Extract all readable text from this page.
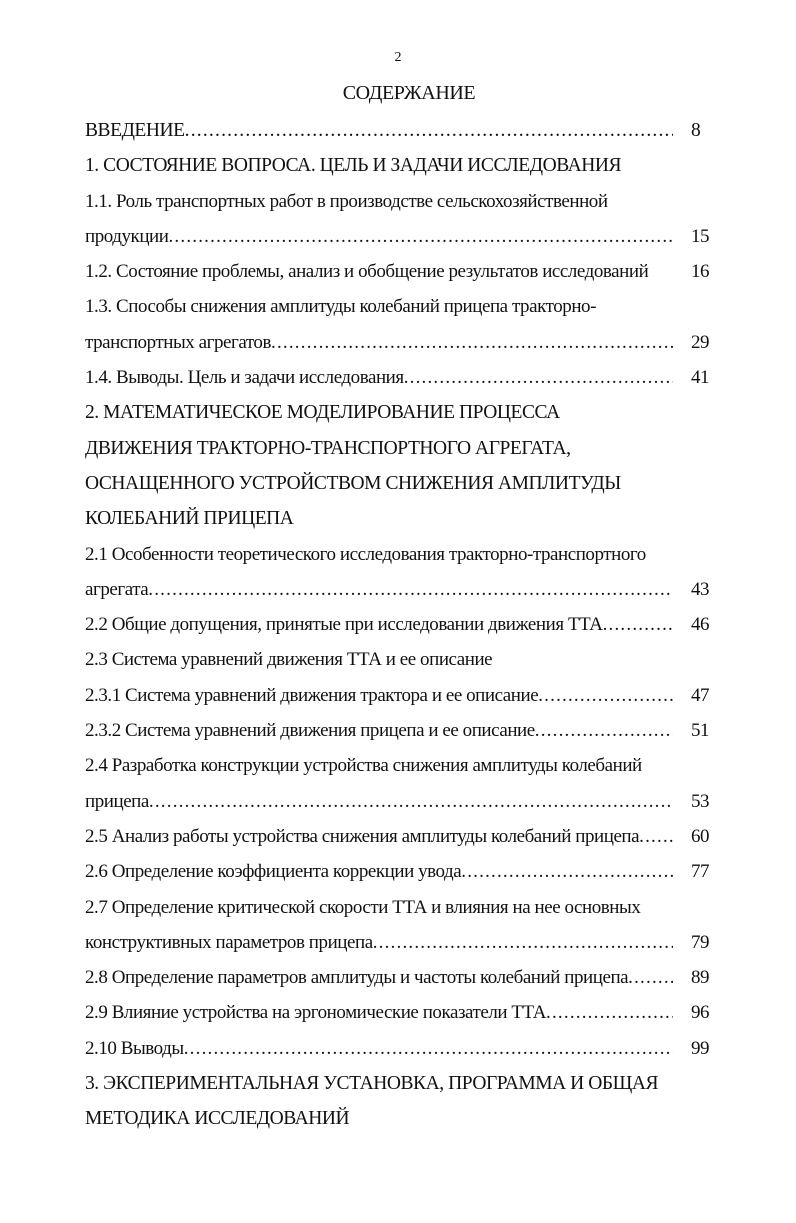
2
СОДЕРЖАНИЕ
ВВЕДЕНИЕ .....	8
1. СОСТОЯНИЕ ВОПРОСА. ЦЕЛЬ И ЗАДАЧИ ИССЛЕДОВАНИЯ
1.1. Роль транспортных работ в производстве сельскохозяйственной
продукции .....	15
1.2. Состояние проблемы, анализ и обобщение результатов исследований	16
1.3. Способы снижения амплитуды колебаний прицепа тракторно-
транспортных агрегатов .....	29
1.4. Выводы. Цель и задачи исследования .....	41
2. МАТЕМАТИЧЕСКОЕ МОДЕЛИРОВАНИЕ ПРОЦЕССА
ДВИЖЕНИЯ ТРАКТОРНО-ТРАНСПОРТНОГО АГРЕГАТА,
ОСНАЩЕННОГО УСТРОЙСТВОМ СНИЖЕНИЯ АМПЛИТУДЫ
КОЛЕБАНИЙ ПРИЦЕПА
2.1 Особенности теоретического исследования тракторно-транспортного
агрегата .....	43
2.2 Общие допущения, принятые при исследовании движения ТТА .....	46
2.3 Система уравнений движения ТТА и ее описание
2.3.1 Система уравнений движения трактора и ее описание .....	47
2.3.2 Система уравнений движения прицепа и ее описание .....	51
2.4 Разработка конструкции устройства снижения амплитуды колебаний
прицепа .....	53
2.5 Анализ работы устройства снижения амплитуды колебаний прицепа .....	60
2.6 Определение коэффициента коррекции увода .....	77
2.7 Определение критической скорости ТТА и влияния на нее основных
конструктивных параметров прицепа .....	79
2.8 Определение параметров амплитуды и частоты колебаний прицепа .....	89
2.9 Влияние устройства на эргономические показатели ТТА .....	96
2.10 Выводы .....	99
3. ЭКСПЕРИМЕНТАЛЬНАЯ УСТАНОВКА, ПРОГРАММА И ОБЩАЯ
МЕТОДИКА ИССЛЕДОВАНИЙ
